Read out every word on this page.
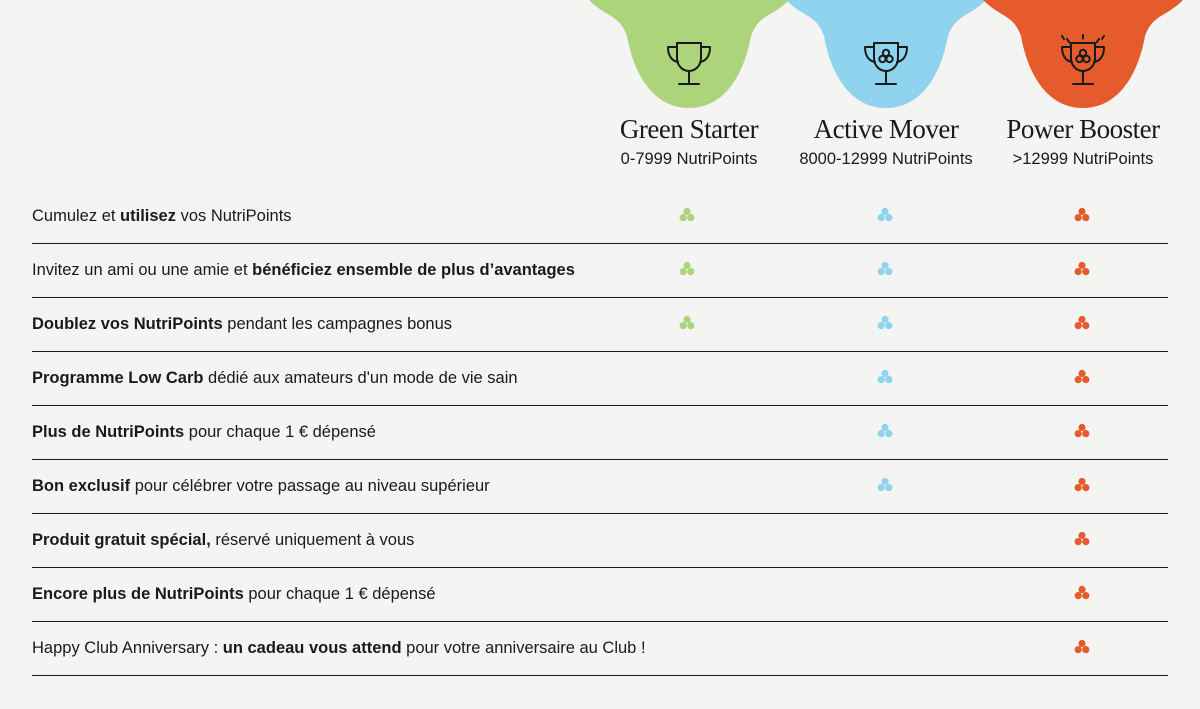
Green Starter
0-7999 NutriPoints
Active Mover
8000-12999 NutriPoints
Power Booster
>12999 NutriPoints
Cumulez et utilisez vos NutriPoints
Invitez un ami ou une amie et bénéficiez ensemble de plus d’avantages
Doublez vos NutriPoints pendant les campagnes bonus
Programme Low Carb dédié aux amateurs d'un mode de vie sain
Plus de NutriPoints pour chaque 1 € dépensé
Bon exclusif pour célébrer votre passage au niveau supérieur
Produit gratuit spécial, réservé uniquement à vous
Encore plus de NutriPoints pour chaque 1 € dépensé
Happy Club Anniversary : un cadeau vous attend pour votre anniversaire au Club !
